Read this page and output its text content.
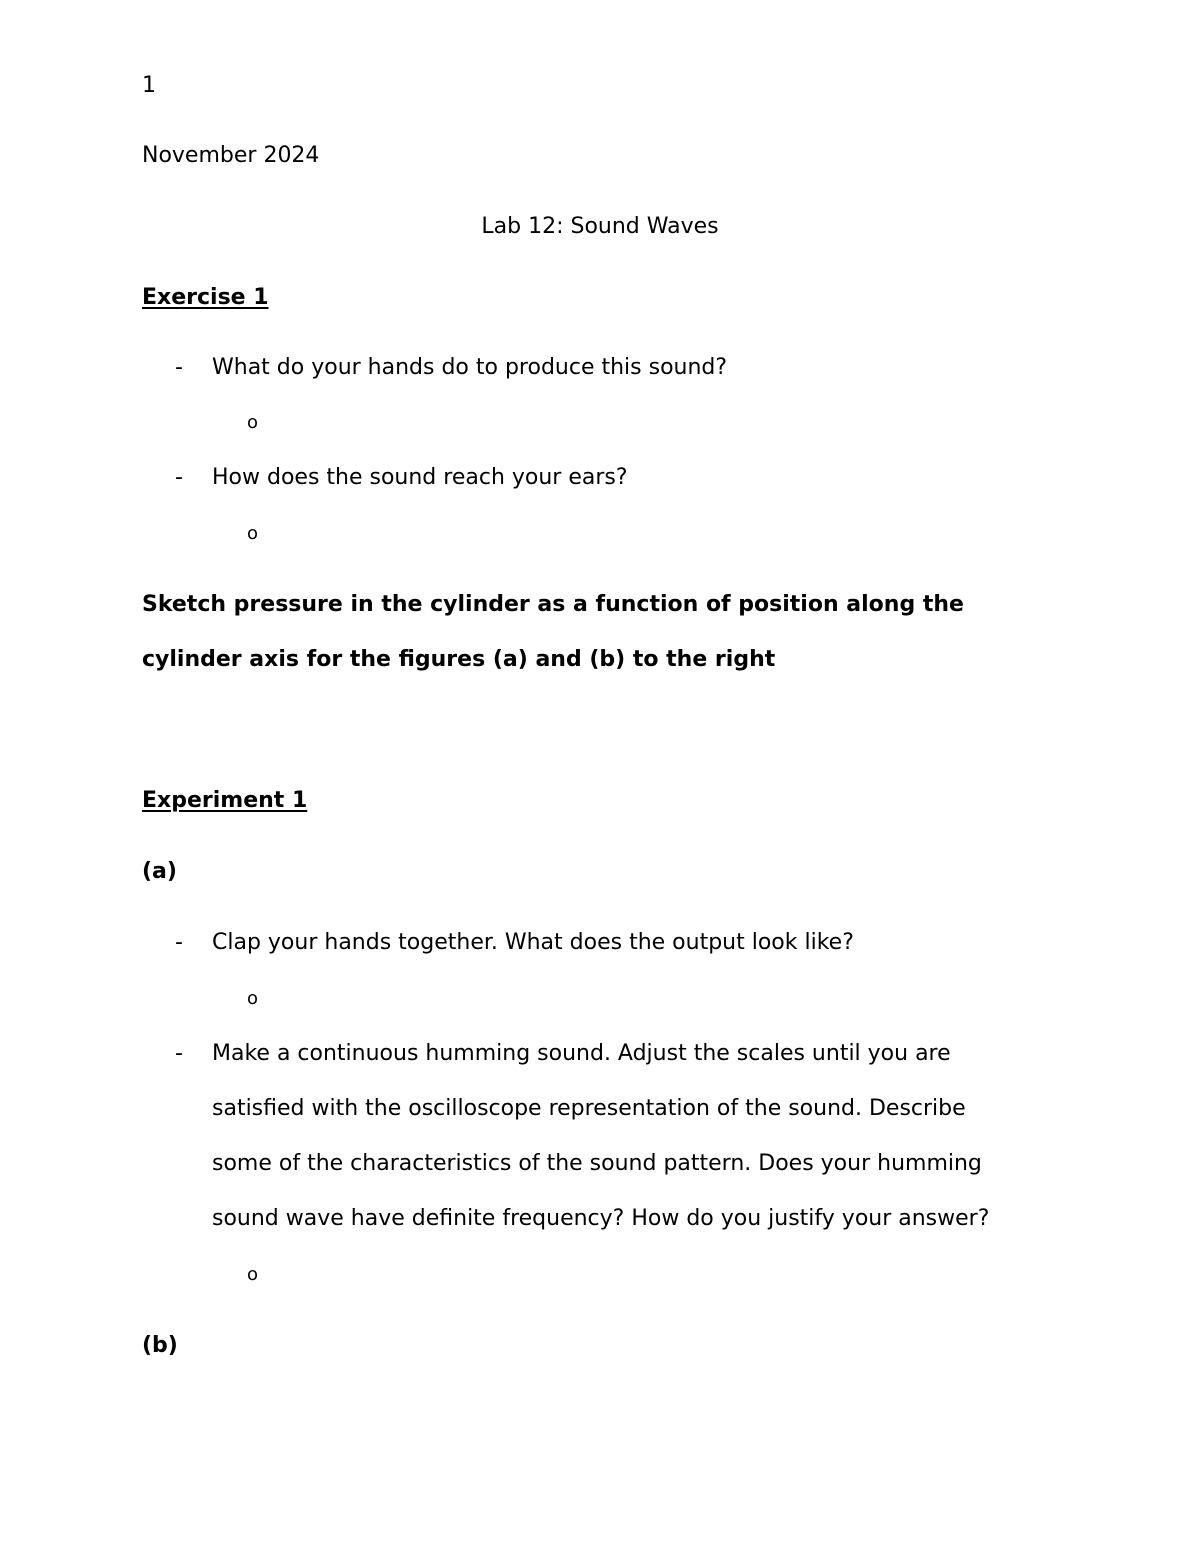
1
November 2024
Lab 12: Sound Waves
Exercise 1
- What do your hands do to produce this sound?
o
- How does the sound reach your ears?
o
Sketch pressure in the cylinder as a function of position along the
cylinder axis for the figures (a) and (b) to the right
Experiment 1
(a)
- Clap your hands together. What does the output look like?
o
- Make a continuous humming sound. Adjust the scales until you are
satisfied with the oscilloscope representation of the sound. Describe
some of the characteristics of the sound pattern. Does your humming
sound wave have definite frequency? How do you justify your answer?
o
(b)
